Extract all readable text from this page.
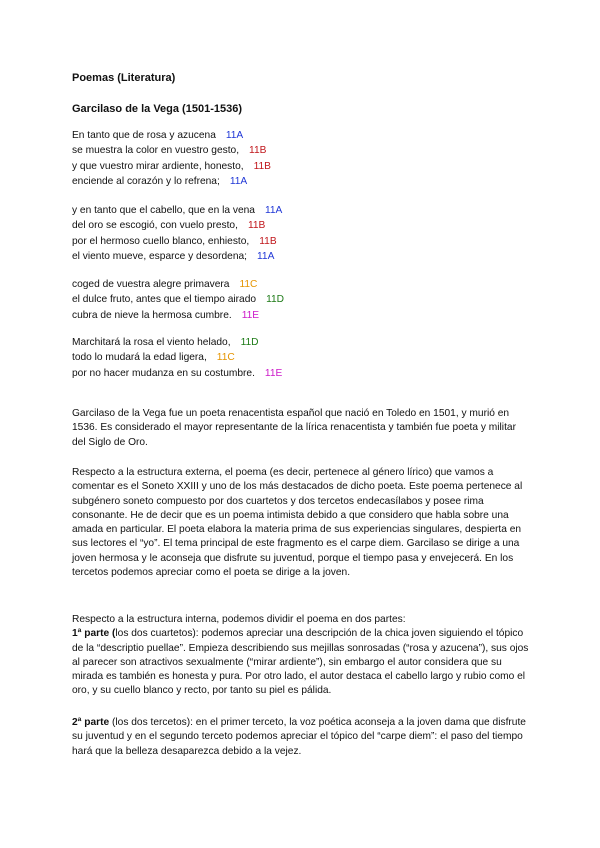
Poemas (Literatura)
Garcilaso de la Vega (1501-1536)
En tanto que de rosa y azucena 11A
se muestra la color en vuestro gesto, 11B
y que vuestro mirar ardiente, honesto, 11B
enciende al corazón y lo refrena; 11A
y en tanto que el cabello, que en la vena 11A
del oro se escogió, con vuelo presto, 11B
por el hermoso cuello blanco, enhiesto, 11B
el viento mueve, esparce y desordena; 11A
coged de vuestra alegre primavera 11C
el dulce fruto, antes que el tiempo airado 11D
cubra de nieve la hermosa cumbre. 11E
Marchitará la rosa el viento helado, 11D
todo lo mudará la edad ligera, 11C
por no hacer mudanza en su costumbre. 11E

Garcilaso de la Vega fue un poeta renacentista español que nació en Toledo en 1501, y murió en 1536. Es considerado el mayor representante de la lírica renacentista y también fue poeta y militar del Siglo de Oro.

Respecto a la estructura externa, el poema (es decir, pertenece al género lírico) que vamos a comentar es el Soneto XXIII y uno de los más destacados de dicho poeta. Este poema pertenece al subgénero soneto compuesto por dos cuartetos y dos tercetos endecasílabos y posee rima consonante. He de decir que es un poema intimista debido a que considero que habla sobre una amada en particular. El poeta elabora la materia prima de sus experiencias singulares, despierta en sus lectores el “yo”. El tema principal de este fragmento es el carpe diem. Garcilaso se dirige a una joven hermosa y le aconseja que disfrute su juventud, porque el tiempo pasa y envejecerá. En los tercetos podemos apreciar como el poeta se dirige a la joven.

Respecto a la estructura interna, podemos dividir el poema en dos partes:

1ª parte (los dos cuartetos): podemos apreciar una descripción de la chica joven siguiendo el tópico de la “descriptio puellae”. Empieza describiendo sus mejillas sonrosadas (“rosa y azucena”), sus ojos al parecer son atractivos sexualmente (“mirar ardiente”), sin embargo el autor considera que su mirada es también es honesta y pura. Por otro lado, el autor destaca el cabello largo y rubio como el oro, y su cuello blanco y recto, por tanto su piel es pálida.

2ª parte (los dos tercetos): en el primer terceto, la voz poética aconseja a la joven dama que disfrute su juventud y en el segundo terceto podemos apreciar el tópico del “carpe diem”: el paso del tiempo hará que la belleza desaparezca debido a la vejez.
